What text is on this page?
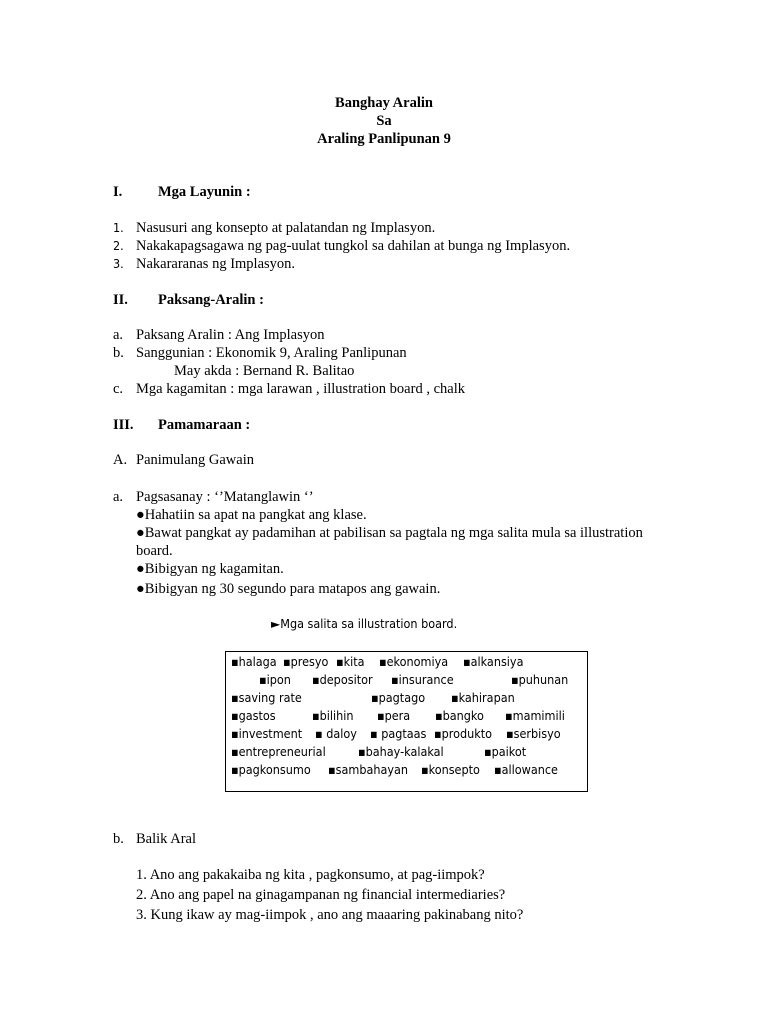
Banghay Aralin
Sa
Araling Panlipunan 9
I. Mga Layunin :
1. Nasusuri ang konsepto at palatandan ng Implasyon.
2. Nakakapagsagawa ng pag-uulat tungkol sa dahilan at bunga ng Implasyon.
3. Nakararanas ng Implasyon.
II. Paksang-Aralin :
a. Paksang Aralin : Ang Implasyon
b. Sanggunian : Ekonomik 9, Araling Panlipunan
May akda : Bernand R. Balitao
c. Mga kagamitan : mga larawan , illustration board , chalk
III. Pamamaraan :
A. Panimulang Gawain
a. Pagsasanay : ‘’Matanglawin ‘’
●Hahatiin sa apat na pangkat ang klase.
●Bawat pangkat ay padamihan at pabilisan sa pagtala ng mga salita mula sa illustration
board.
●Bibigyan ng kagamitan.
●Bibigyan ng 30 segundo para matapos ang gawain.
►Mga salita sa illustration board.
▪halaga ▪presyo ▪kita ▪ekonomiya ▪alkansiya
▪ipon ▪depositor ▪insurance	▪puhunan
▪saving rate	▪pagtago ▪kahirapan
▪gastos	▪bilihin ▪pera ▪bangko ▪mamimili
▪investment ▪ daloy ▪ pagtaas ▪produkto ▪serbisyo
▪entrepreneurial	▪bahay-kalakal	▪paikot
▪pagkonsumo ▪sambahayan ▪konsepto ▪allowance
b. Balik Aral
1. Ano ang pakakaiba ng kita , pagkonsumo, at pag-iimpok?
2. Ano ang papel na ginagampanan ng financial intermediaries?
3. Kung ikaw ay mag-iimpok , ano ang maaaring pakinabang nito?
